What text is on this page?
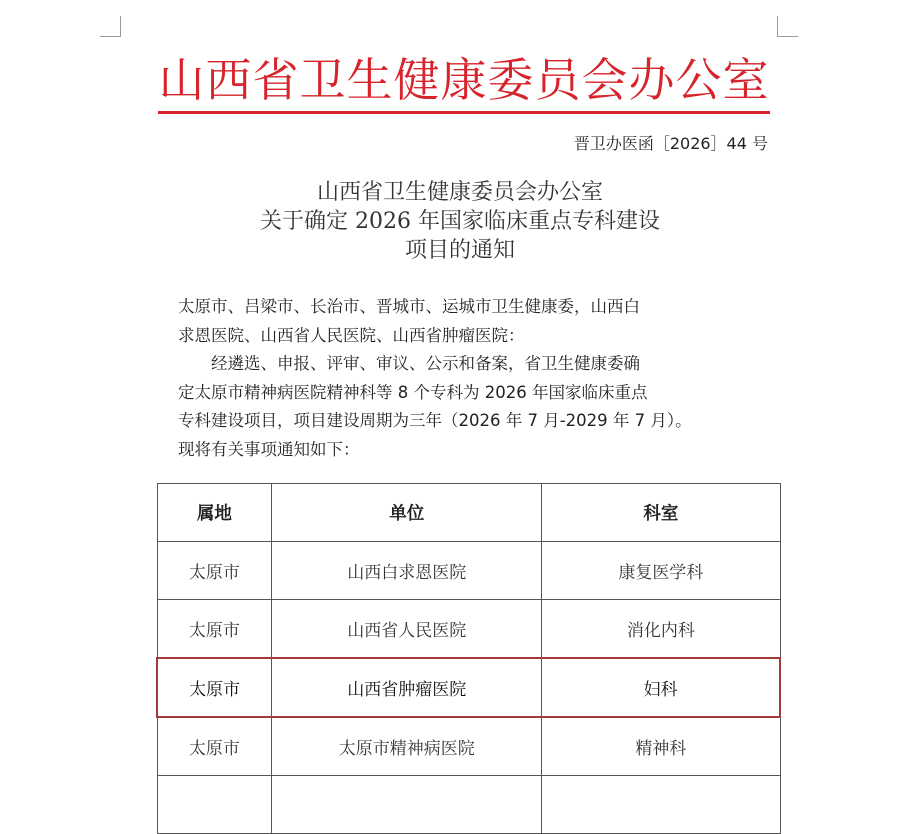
山西省卫生健康委员会办公室
晋卫办医函［2026］44 号
山西省卫生健康委员会办公室
关于确定 2026 年国家临床重点专科建设
项目的通知

太原市、吕梁市、长治市、晋城市、运城市卫生健康委，山西白

求恩医院、山西省人民医院、山西省肿瘤医院：

经遴选、申报、评审、审议、公示和备案，省卫生健康委确

定太原市精神病医院精神科等 8 个专科为 2026 年国家临床重点

专科建设项目，项目建设周期为三年（2026 年 7 月-2029 年 7 月）。

现将有关事项通知如下：

属地	单位	科室
太原市	山西白求恩医院	康复医学科
太原市	山西省人民医院	消化内科
太原市	山西省肿瘤医院	妇科
太原市	太原市精神病医院	精神科
